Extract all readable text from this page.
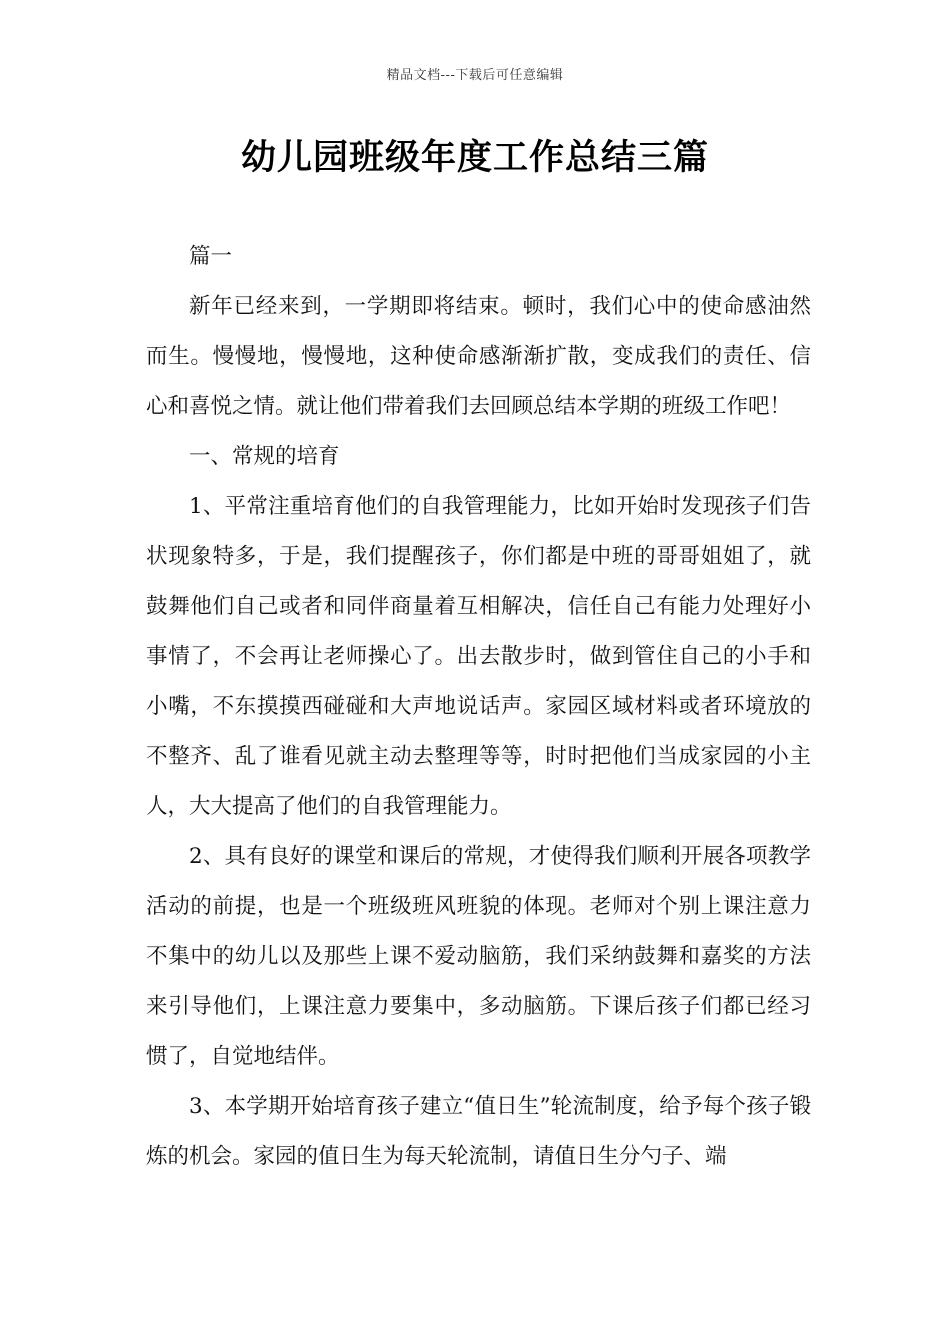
精品文档---下载后可任意编辑
幼儿园班级年度工作总结三篇

篇一

新年已经来到，一学期即将结束。顿时，我们心中的使命感油然而生。慢慢地，慢慢地，这种使命感渐渐扩散，变成我们的责任、信心和喜悦之情。就让他们带着我们去回顾总结本学期的班级工作吧！

一、常规的培育

1、平常注重培育他们的自我管理能力，比如开始时发现孩子们告状现象特多，于是，我们提醒孩子，你们都是中班的哥哥姐姐了，就鼓舞他们自己或者和同伴商量着互相解决，信任自己有能力处理好小事情了，不会再让老师操心了。出去散步时，做到管住自己的小手和小嘴，不东摸摸西碰碰和大声地说话声。家园区域材料或者环境放的不整齐、乱了谁看见就主动去整理等等，时时把他们当成家园的小主人，大大提高了他们的自我管理能力。

2、具有良好的课堂和课后的常规，才使得我们顺利开展各项教学活动的前提，也是一个班级班风班貌的体现。老师对个别上课注意力不集中的幼儿以及那些上课不爱动脑筋，我们采纳鼓舞和嘉奖的方法来引导他们，上课注意力要集中，多动脑筋。下课后孩子们都已经习惯了，自觉地结伴。

3、本学期开始培育孩子建立“值日生”轮流制度，给予每个孩子锻炼的机会。家园的值日生为每天轮流制，请值日生分勺子、端
